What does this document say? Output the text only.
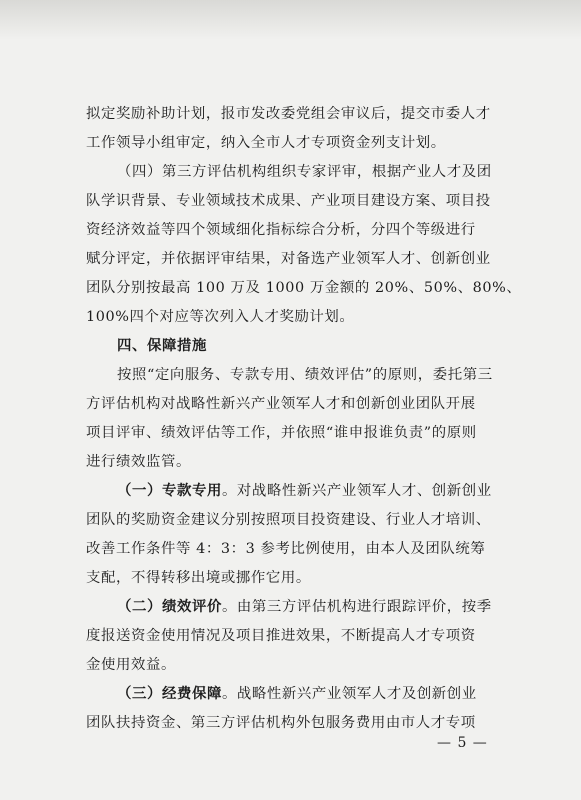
拟定奖励补助计划，报市发改委党组会审议后，提交市委人才
工作领导小组审定，纳入全市人才专项资金列支计划。
（四）第三方评估机构组织专家评审，根据产业人才及团
队学识背景、专业领域技术成果、产业项目建设方案、项目投
资经济效益等四个领域细化指标综合分析，分四个等级进行
赋分评定，并依据评审结果，对备选产业领军人才、创新创业
团队分别按最高 100 万及 1000 万金额的 20%、50%、80%、
100%四个对应等次列入人才奖励计划。
四、保障措施
按照“定向服务、专款专用、绩效评估”的原则，委托第三
方评估机构对战略性新兴产业领军人才和创新创业团队开展
项目评审、绩效评估等工作，并依照“谁申报谁负责”的原则
进行绩效监管。
（一）专款专用。对战略性新兴产业领军人才、创新创业
团队的奖励资金建议分别按照项目投资建设、行业人才培训、
改善工作条件等 4：3：3 参考比例使用，由本人及团队统筹
支配，不得转移出境或挪作它用。
（二）绩效评价。由第三方评估机构进行跟踪评价，按季
度报送资金使用情况及项目推进效果，不断提高人才专项资
金使用效益。
（三）经费保障。战略性新兴产业领军人才及创新创业
团队扶持资金、第三方评估机构外包服务费用由市人才专项
— 5 —
